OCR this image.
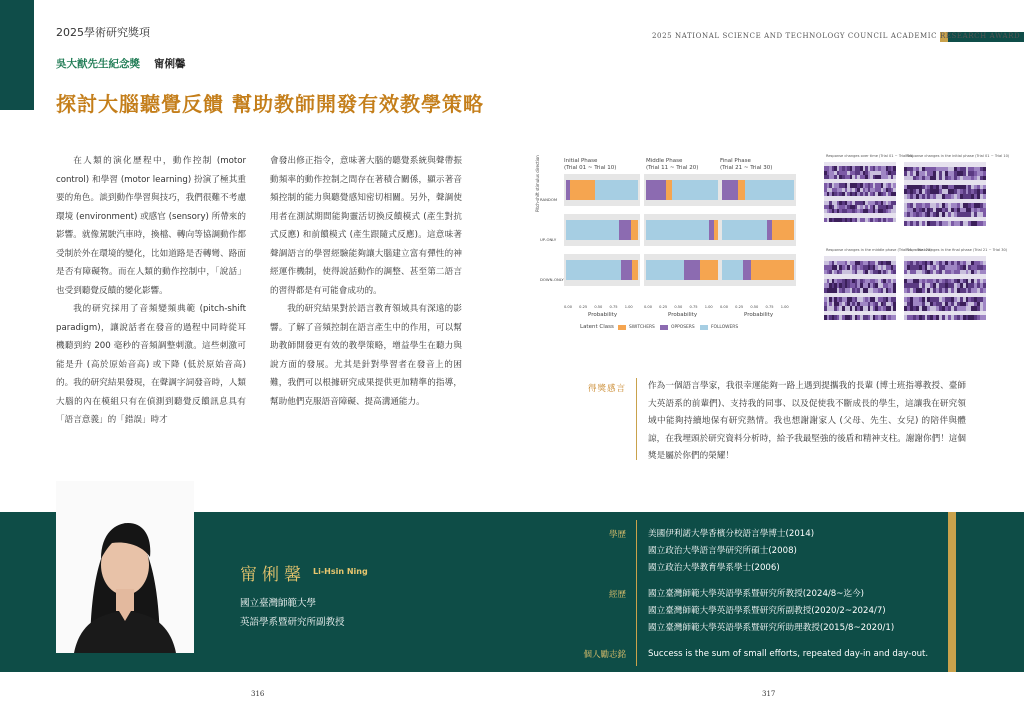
2025學術研究獎項	2025 NATIONAL SCIENCE AND TECHNOLOGY COUNCIL ACADEMIC RESEARCH AWARD
吳大猷先生紀念獎 甯俐馨
探討大腦聽覺反饋 幫助教師開發有效教學策略

在人類的演化歷程中，動作控制 (motor control) 和學習 (motor learning) 扮演了極其重要的角色。談到動作學習與技巧，我們很難不考慮環境 (environment) 或感官 (sensory) 所帶來的影響。就像駕駛汽車時，換檔、轉向等協調動作都受制於外在環境的變化，比如道路是否轉彎、路面是否有障礙物。而在人類的動作控制中，「說話」也受到聽覺反饋的變化影響。

我的研究採用了音頻變頻典範 (pitch-shift paradigm)，讓說話者在發音的過程中同時從耳機聽到約 200 毫秒的音頻調整刺激。這些刺激可能是升 (高於原始音高) 或下降 (低於原始音高) 的。我的研究結果發現，在聲調字詞發音時，人類大腦的內在模組只有在偵測到聽覺反饋訊息具有「語言意義」的「錯誤」時才

會發出修正指令，意味著大腦的聽覺系統與聲帶振動頻率的動作控制之間存在著積合關係，顯示著音頻控制的能力與聽覺感知密切相關。另外，聲調使用者在測試期間能夠靈活切換反饋模式 (產生對抗式反應) 和前饋模式 (產生跟隨式反應)。這意味著聲調語言的學習經驗能夠讓大腦建立富有彈性的神經運作機制，使得說話動作的調整、甚至第二語言的習得都是有可能會成功的。

我的研究結果對於語言教育領域具有深遠的影響。了解了音頻控制在語言產生中的作用，可以幫助教師開發更有效的教學策略，增益學生在聽力與說方面的發展。尤其是針對學習者在發音上的困難，我們可以根據研究成果提供更加精準的指導，幫助他們克服語音障礙、提高溝通能力。

Initial Phase
(Trial 01 ~ Trial 10)
Middle Phase
(Trial 11 ~ Trial 20)
Final Phase
(Trial 21 ~ Trial 30)
Pitch-shift stimulus direction RANDOM
UP-ONLY
DOWN-ONLY
0.00 0.25 0.50 0.75 1.00	0.00 0.25 0.50 0.75 1.00 0.00 0.25 0.50 0.75 1.00
Probability	Probability	Probability
Latent Class	SWITCHERS	OPPOSERS	FOLLOWERS
Response changes over time (Trial 01 ~ Trial 30)
Response changes in the initial phase (Trial 01 ~ Trial 10)
Response changes in the middle phase (Trial 11 ~ Trial 20)
Response changes in the final phase (Trial 21 ~ Trial 30)
得獎感言	作為一個語言學家，我很幸運能夠一路上遇到提攜我的長輩 (博士班指導教授、臺師大英語系的前輩們)、支持我的同事、以及促使我不斷成長的學生，這讓我在研究領域中能夠持續地保有研究熱情。我也想謝謝家人 (父母、先生、女兒) 的陪伴與體諒，在我埋頭於研究資料分析時，給予我最堅強的後盾和精神支柱。謝謝你們！這個獎是屬於你們的榮耀！
甯俐馨 Li-Hsin Ning
國立臺灣師範大學
英語學系暨研究所副教授
學歷	美國伊利諾大學香檳分校語言學博士(2014)
國立政治大學語言學研究所碩士(2008)
國立政治大學教育學系學士(2006)
經歷	國立臺灣師範大學英語學系暨研究所教授(2024/8~迄今)
國立臺灣師範大學英語學系暨研究所副教授(2020/2~2024/7)
國立臺灣師範大學英語學系暨研究所助理教授(2015/8~2020/1)
個人勵志銘	Success is the sum of small efforts, repeated day-in and day-out.
316	317
